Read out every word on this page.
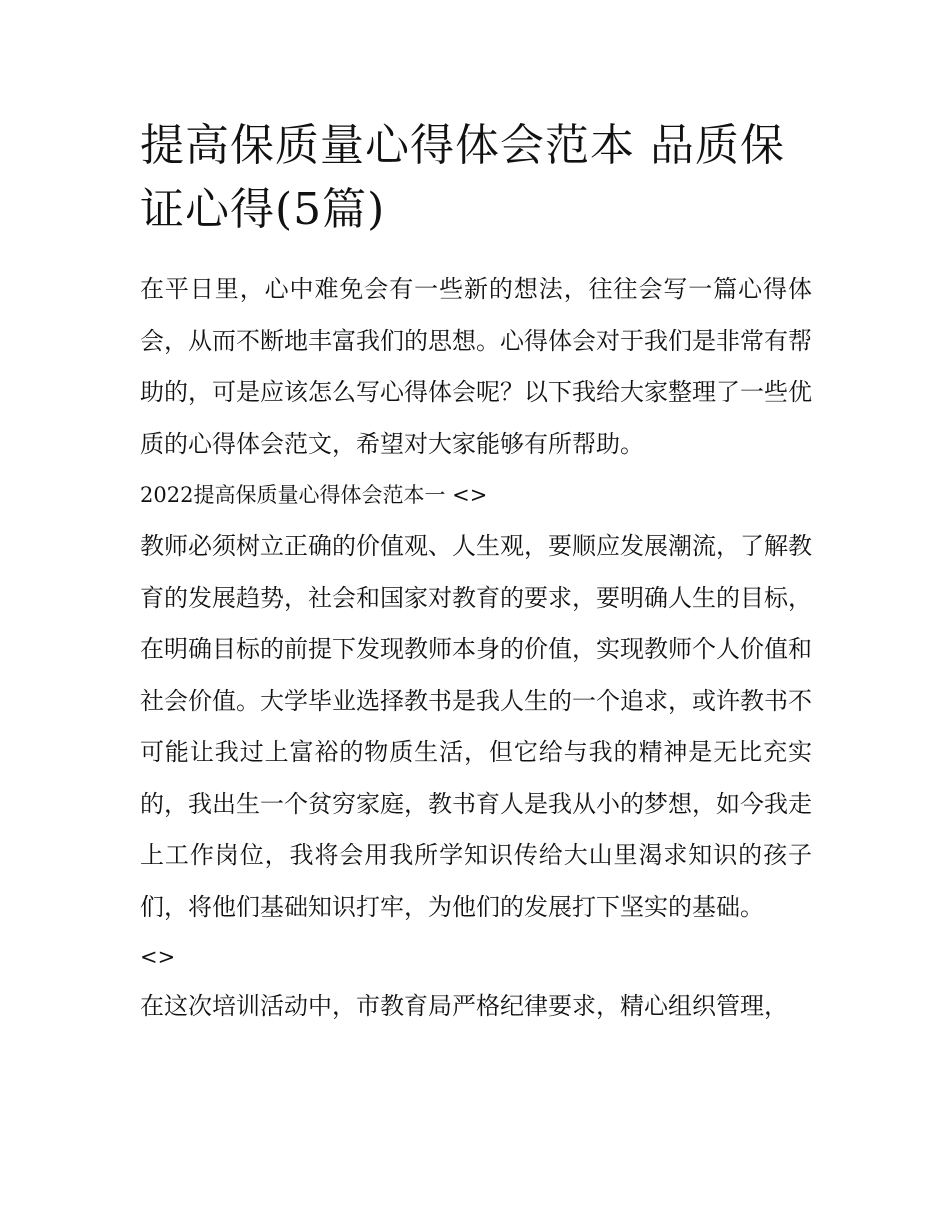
提高保质量心得体会范本 品质保证心得(5篇)

在平日里，心中难免会有一些新的想法，往往会写一篇心得体会，从而不断地丰富我们的思想。心得体会对于我们是非常有帮助的，可是应该怎么写心得体会呢？以下我给大家整理了一些优质的心得体会范文，希望对大家能够有所帮助。

2022提高保质量心得体会范本一 <>

教师必须树立正确的价值观、人生观，要顺应发展潮流，了解教育的发展趋势，社会和国家对教育的要求，要明确人生的目标，在明确目标的前提下发现教师本身的价值，实现教师个人价值和社会价值。大学毕业选择教书是我人生的一个追求，或许教书不可能让我过上富裕的物质生活，但它给与我的精神是无比充实的，我出生一个贫穷家庭，教书育人是我从小的梦想，如今我走上工作岗位，我将会用我所学知识传给大山里渴求知识的孩子们，将他们基础知识打牢，为他们的发展打下坚实的基础。

<>

在这次培训活动中，市教育局严格纪律要求，精心组织管理，
